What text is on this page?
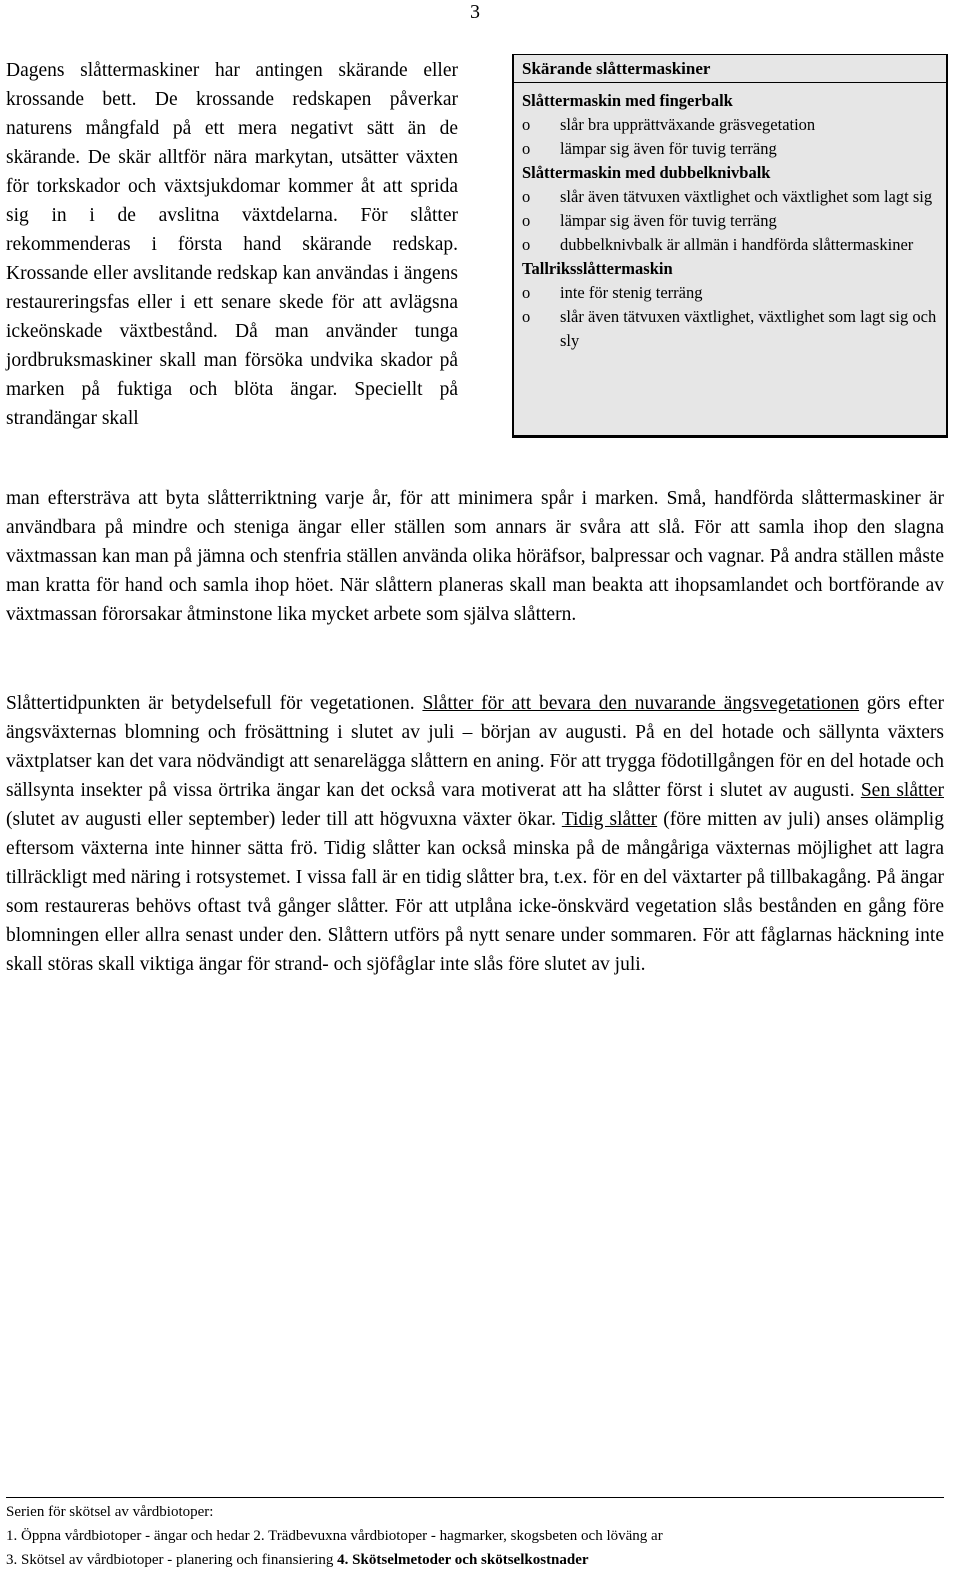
3

Dagens slåttermaskiner har antingen skärande eller krossande bett. De krossande redskapen påverkar naturens mångfald på ett mera negativt sätt än de skärande. De skär alltför nära markytan, utsätter växten för torkskador och växtsjukdomar kommer åt att sprida sig in i de avslitna växtdelarna. För slåtter rekommenderas i första hand skärande redskap. Krossande eller avslitande redskap kan användas i ängens restaureringsfas eller i ett senare skede för att avlägsna ickeönskade växtbestånd. Då man använder tunga jordbruksmaskiner skall man försöka undvika skador på marken på fuktiga och blöta ängar. Speciellt på strandängar skall

Skärande slåttermaskiner

Slåttermaskin med fingerbalk

o slår bra upprättväxande gräsvegetation

o lämpar sig även för tuvig terräng

Slåttermaskin med dubbelknivbalk

o slår även tätvuxen växtlighet och växtlighet som lagt sig

o lämpar sig även för tuvig terräng

o dubbelknivbalk är allmän i handförda slåttermaskiner

Tallriksslåttermaskin

o inte för stenig terräng

o slår även tätvuxen växtlighet, växtlighet som lagt sig och sly

man eftersträva att byta slåtterriktning varje år, för att minimera spår i marken. Små, handförda slåttermaskiner är användbara på mindre och steniga ängar eller ställen som annars är svåra att slå. För att samla ihop den slagna växtmassan kan man på jämna och stenfria ställen använda olika höräfsor, balpressar och vagnar. På andra ställen måste man kratta för hand och samla ihop höet. När slåttern planeras skall man beakta att ihopsamlandet och bortförande av växtmassan förorsakar åtminstone lika mycket arbete som själva slåttern.

Slåttertidpunkten är betydelsefull för vegetationen. Slåtter för att bevara den nuvarande ängsvegetationen görs efter ängsväxternas blomning och frösättning i slutet av juli – början av augusti. På en del hotade och sällynta växters växtplatser kan det vara nödvändigt att senarelägga slåttern en aning. För att trygga födotillgången för en del hotade och sällsynta insekter på vissa örtrika ängar kan det också vara motiverat att ha slåtter först i slutet av augusti. Sen slåtter (slutet av augusti eller september) leder till att högvuxna växter ökar. Tidig slåtter (före mitten av juli) anses olämplig eftersom växterna inte hinner sätta frö. Tidig slåtter kan också minska på de mångåriga växternas möjlighet att lagra tillräckligt med näring i rotsystemet. I vissa fall är en tidig slåtter bra, t.ex. för en del växtarter på tillbakagång. På ängar som restaureras behövs oftast två gånger slåtter. För att utplåna icke-önskvärd vegetation slås bestånden en gång före blomningen eller allra senast under den. Slåttern utförs på nytt senare under sommaren. För att fåglarnas häckning inte skall störas skall viktiga ängar för strand- och sjöfåglar inte slås före slutet av juli.

Serien för skötsel av vårdbiotoper:
1. Öppna vårdbiotoper - ängar och hedar 2. Trädbevuxna vårdbiotoper - hagmarker, skogsbeten och löväng ar
3. Skötsel av vårdbiotoper - planering och finansiering 4. Skötselmetoder och skötselkostnader
